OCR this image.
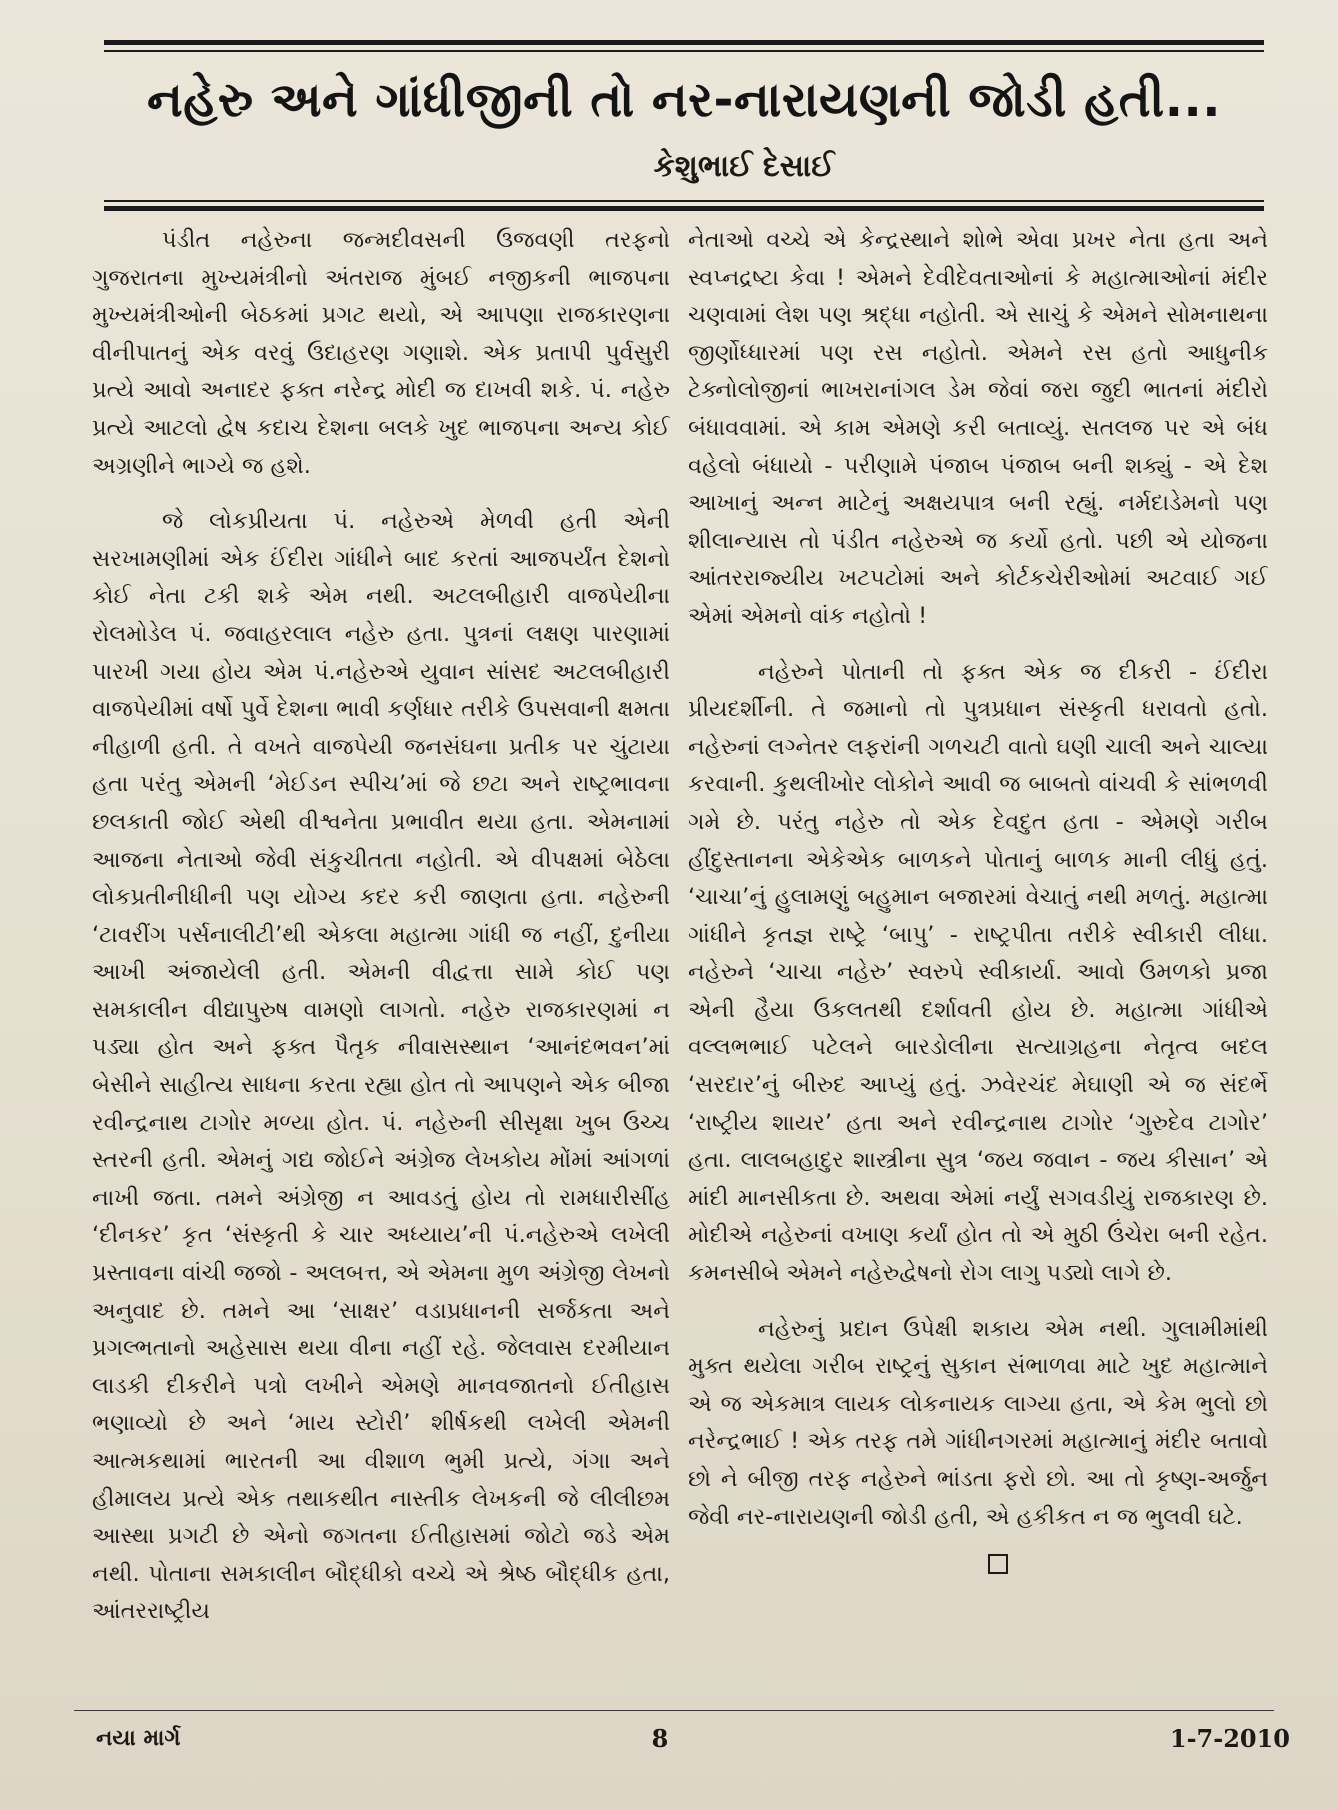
નહેરુ અને ગાંધીજીની તો નર-નારાયણની જોડી હતી...
કેશુભાઈ દેસાઈ

પંડીત નહેરુના જન્મદીવસની ઉજવણી તરફનો ગુજરાતના મુખ્યમંત્રીનો અંતરાજ મુંબઈ નજીકની ભાજપના મુખ્યમંત્રીઓની બેઠકમાં પ્રગટ થયો, એ આપણા રાજકારણના વીનીપાતનું એક વરવું ઉદાહરણ ગણાશે. એક પ્રતાપી પુર્વસુરી પ્રત્યે આવો અનાદર ફક્ત નરેન્દ્ર મોદી જ દાખવી શકે. પં. નહેરુ પ્રત્યે આટલો દ્વેષ કદાચ દેશના બલકે ખુદ ભાજપના અન્ય કોઈ અગ્રણીને ભાગ્યે જ હશે.

જે લોકપ્રીયતા પં. નહેરુએ મેળવી હતી એની સરખામણીમાં એક ઈંદીરા ગાંધીને બાદ કરતાં આજપર્યંત દેશનો કોઈ નેતા ટકી શકે એમ નથી. અટલબીહારી વાજપેયીના રોલમોડેલ પં. જવાહરલાલ નહેરુ હતા. પુત્રનાં લક્ષણ પારણામાં પારખી ગયા હોય એમ પં.નહેરુએ યુવાન સાંસદ અટલબીહારી વાજપેયીમાં વર્ષો પુર્વે દેશના ભાવી કર્ણધાર તરીકે ઉપસવાની ક્ષમતા નીહાળી હતી. તે વખતે વાજપેયી જનસંઘના પ્રતીક પર ચુંટાયા હતા પરંતુ એમની ‘મેઈડન સ્પીચ’માં જે છટા અને રાષ્ટ્રભાવના છલકાતી જોઈ એથી વીશ્વનેતા પ્રભાવીત થયા હતા. એમનામાં આજના નેતાઓ જેવી સંકુચીતતા નહોતી. એ વીપક્ષમાં બેઠેલા લોકપ્રતીનીધીની પણ યોગ્ય કદર કરી જાણતા હતા. નહેરુની ‘ટાવરીંગ પર્સનાલીટી’થી એકલા મહાત્મા ગાંધી જ નહીં, દુનીયા આખી અંજાયેલી હતી. એમની વીદ્વત્તા સામે કોઈ પણ સમકાલીન વીદ્યાપુરુષ વામણો લાગતો. નહેરુ રાજકારણમાં ન પડ્યા હોત અને ફક્ત પૈતૃક નીવાસસ્થાન ‘આનંદભવન’માં બેસીને સાહીત્ય સાધના કરતા રહ્યા હોત તો આપણને એક બીજા રવીન્દ્રનાથ ટાગોર મળ્યા હોત. પં. નહેરુની સીસૃક્ષા ખુબ ઉચ્ચ સ્તરની હતી. એમનું ગદ્ય જોઈને અંગ્રેજ લેખકોય મોંમાં આંગળાં નાખી જતા. તમને અંગ્રેજી ન આવડતું હોય તો રામધારીસીંહ ‘દીનકર’ કૃત ‘સંસ્કૃતી કે ચાર અધ્યાય’ની પં.નહેરુએ લખેલી પ્રસ્તાવના વાંચી જજો - અલબત્ત, એ એમના મુળ અંગ્રેજી લેખનો અનુવાદ છે. તમને આ ‘સાક્ષર’ વડાપ્રધાનની સર્જકતા અને પ્રગલ્ભતાનો અહેસાસ થયા વીના નહીં રહે. જેલવાસ દરમીયાન લાડકી દીકરીને પત્રો લખીને એમણે માનવજાતનો ઈતીહાસ ભણાવ્યો છે અને ‘માય સ્ટોરી’ શીર્ષકથી લખેલી એમની આત્મકથામાં ભારતની આ વીશાળ ભુમી પ્રત્યે, ગંગા અને હીમાલય પ્રત્યે એક તથાકથીત નાસ્તીક લેખકની જે લીલીછમ આસ્થા પ્રગટી છે એનો જગતના ઈતીહાસમાં જોટો જડે એમ નથી. પોતાના સમકાલીન બૌદ્ધીકો વચ્ચે એ શ્રેષ્ઠ બૌદ્ધીક હતા, આંતરરાષ્ટ્રીય

નેતાઓ વચ્ચે એ કેન્દ્રસ્થાને શોભે એવા પ્રખર નેતા હતા અને સ્વપ્નદ્રષ્ટા કેવા ! એમને દેવીદેવતાઓનાં કે મહાત્માઓનાં મંદીર ચણવામાં લેશ પણ શ્રદ્ધા નહોતી. એ સાચું કે એમને સોમનાથના જીર્ણોધ્ધારમાં પણ રસ નહોતો. એમને રસ હતો આધુનીક ટેક્નોલોજીનાં ભાખરાનાંગલ ડેમ જેવાં જરા જુદી ભાતનાં મંદીરો બંધાવવામાં. એ કામ એમણે કરી બતાવ્યું. સતલજ પર એ બંધ વહેલો બંધાયો - પરીણામે પંજાબ પંજાબ બની શક્યું - એ દેશ આખાનું અન્ન માટેનું અક્ષયપાત્ર બની રહ્યું. નર્મદાડેમનો પણ શીલાન્યાસ તો પંડીત નહેરુએ જ કર્યો હતો. પછી એ યોજના આંતરરાજ્યીય ખટપટોમાં અને કોર્ટકચેરીઓમાં અટવાઈ ગઈ એમાં એમનો વાંક નહોતો !

નહેરુને પોતાની તો ફક્ત એક જ દીકરી - ઈંદીરા પ્રીયદર્શીની. તે જમાનો તો પુત્રપ્રધાન સંસ્કૃતી ધરાવતો હતો. નહેરુનાં લગ્નેતર લફરાંની ગળચટી વાતો ઘણી ચાલી અને ચાલ્યા કરવાની. કુથલીખોર લોકોને આવી જ બાબતો વાંચવી કે સાંભળવી ગમે છે. પરંતુ નહેરુ તો એક દેવદુત હતા - એમણે ગરીબ હીંદુસ્તાનના એકેએક બાળકને પોતાનું બાળક માની લીધું હતું. ‘ચાચા’નું હુલામણું બહુમાન બજારમાં વેચાતું નથી મળતું. મહાત્મા ગાંધીને કૃતજ્ઞ રાષ્ટ્રે ‘બાપુ’ - રાષ્ટ્રપીતા તરીકે સ્વીકારી લીધા. નહેરુને ‘ચાચા નહેરુ’ સ્વરુપે સ્વીકાર્યા. આવો ઉમળકો પ્રજા એની હૈયા ઉકલતથી દર્શાવતી હોય છે. મહાત્મા ગાંધીએ વલ્લભભાઈ પટેલને બારડોલીના સત્યાગ્રહના નેતૃત્વ બદલ ‘સરદાર’નું બીરુદ આપ્યું હતું. ઝવેરચંદ મેઘાણી એ જ સંદર્ભે ‘રાષ્ટ્રીય શાયર’ હતા અને રવીન્દ્રનાથ ટાગોર ‘ગુરુદેવ ટાગોર’ હતા. લાલબહાદુર શાસ્ત્રીના સુત્ર ‘જય જવાન - જય કીસાન’ એ માંદી માનસીકતા છે. અથવા એમાં નર્યું સગવડીયું રાજકારણ છે. મોદીએ નહેરુનાં વખાણ કર્યાં હોત તો એ મુઠી ઉંચેરા બની રહેત. કમનસીબે એમને નહેરુદ્વેષનો રોગ લાગુ પડ્યો લાગે છે.

નહેરુનું પ્રદાન ઉપેક્ષી શકાય એમ નથી. ગુલામીમાંથી મુક્ત થયેલા ગરીબ રાષ્ટ્રનું સુકાન સંભાળવા માટે ખુદ મહાત્માને એ જ એકમાત્ર લાયક લોકનાયક લાગ્યા હતા, એ કેમ ભુલો છો નરેન્દ્રભાઈ ! એક તરફ તમે ગાંધીનગરમાં મહાત્માનું મંદીર બતાવો છો ને બીજી તરફ નહેરુને ભાંડતા ફરો છો. આ તો કૃષ્ણ-અર્જુન જેવી નર-નારાયણની જોડી હતી, એ હકીકત ન જ ભુલવી ઘટે.

નયા માર્ગ	8	1-7-2010
